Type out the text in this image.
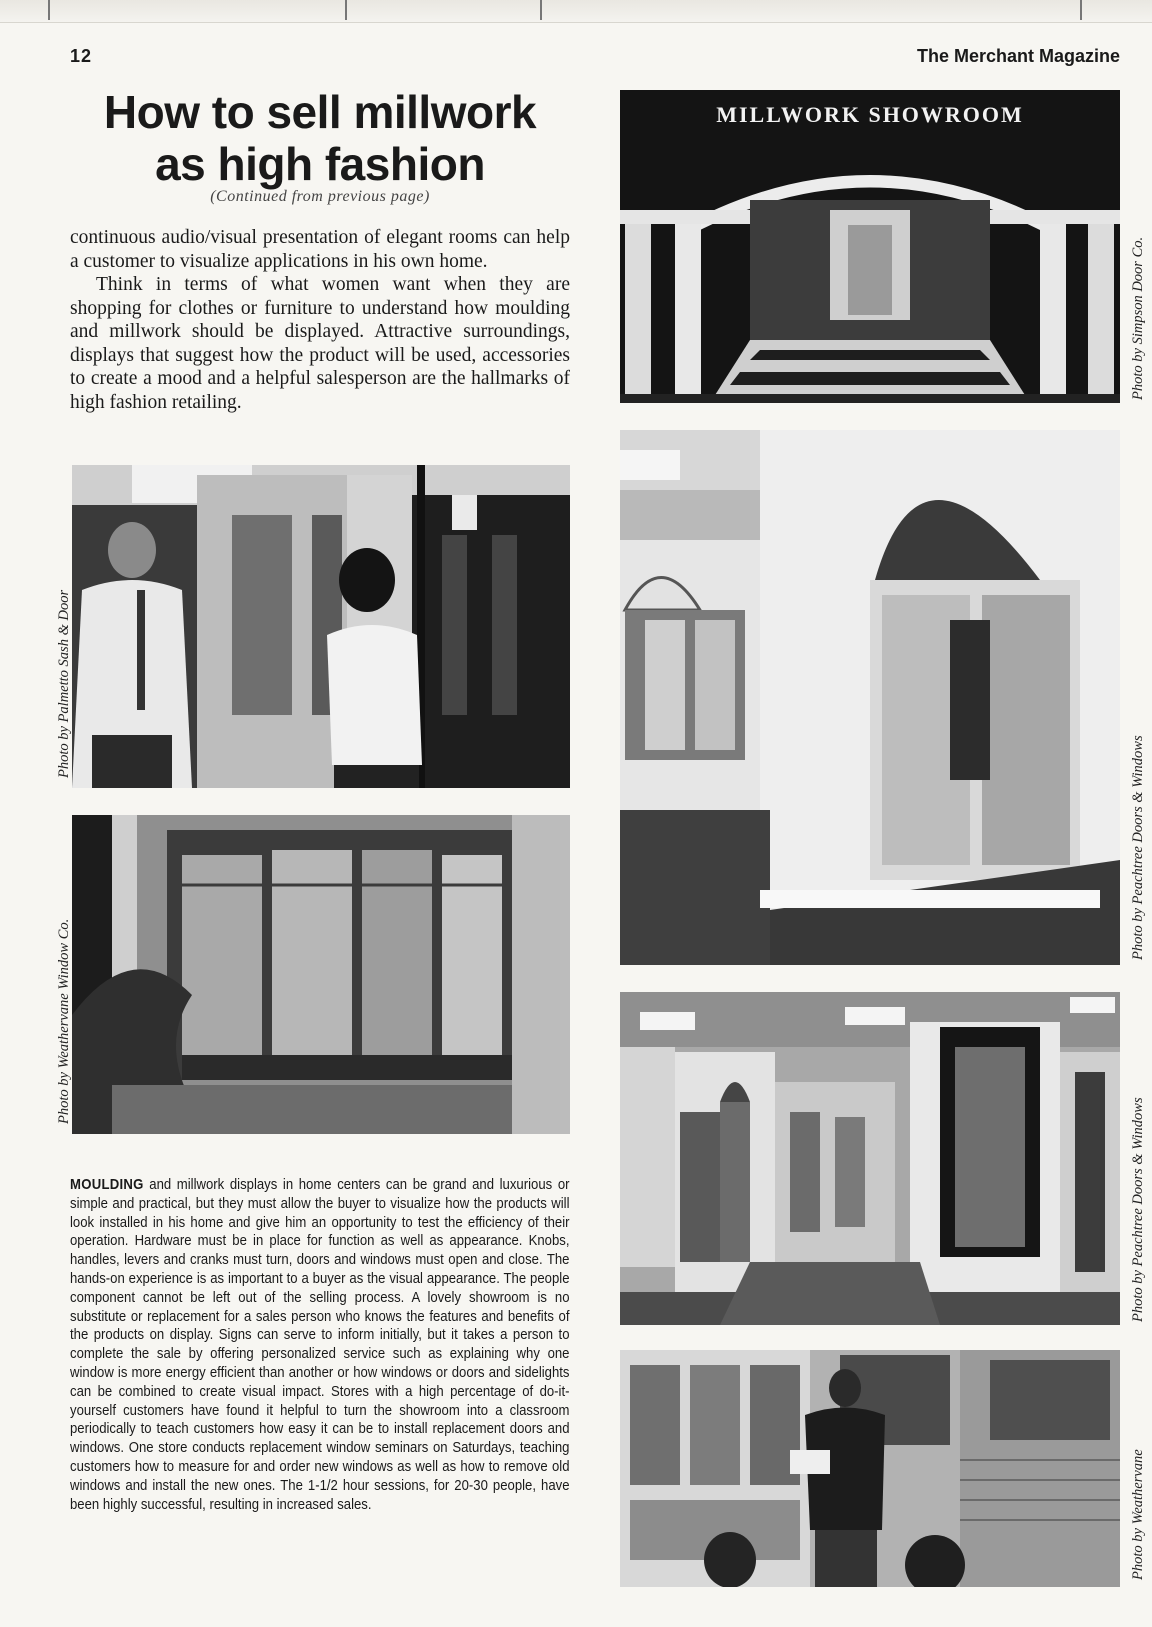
12	The Merchant Magazine
How to sell millwork
as high fashion
(Continued from previous page)

continuous audio/visual presentation of elegant rooms can help a customer to visualize applications in his own home.

Think in terms of what women want when they are shopping for clothes or furniture to understand how moulding and millwork should be displayed. Attractive surroundings, displays that suggest how the product will be used, accessories to create a mood and a helpful salesperson are the hallmarks of high fashion retailing.

Photo by Palmetto Sash & Door
Photo by Weathervane Window Co.
MILLWORK SHOWROOM
Photo by Simpson Door Co.
Photo by Peachtree Doors & Windows
Photo by Peachtree Doors & Windows
Photo by Weathervane
MOULDING and millwork displays in home centers can be grand and luxurious or simple and practical, but they must allow the buyer to visualize how the products will look installed in his home and give him an opportunity to test the efficiency of their operation. Hardware must be in place for function as well as appearance. Knobs, handles, levers and cranks must turn, doors and windows must open and close. The hands-on experience is as important to a buyer as the visual appearance. The people component cannot be left out of the selling process. A lovely showroom is no substitute or replacement for a sales person who knows the features and benefits of the products on display. Signs can serve to inform initially, but it takes a person to complete the sale by offering personalized service such as explaining why one window is more energy efficient than another or how windows or doors and sidelights can be combined to create visual impact. Stores with a high percentage of do-it-yourself customers have found it helpful to turn the showroom into a classroom periodically to teach customers how easy it can be to install replacement doors and windows. One store conducts replacement window seminars on Saturdays, teaching customers how to measure for and order new windows as well as how to remove old windows and install the new ones. The 1-1/2 hour sessions, for 20-30 people, have been highly successful, resulting in increased sales.
